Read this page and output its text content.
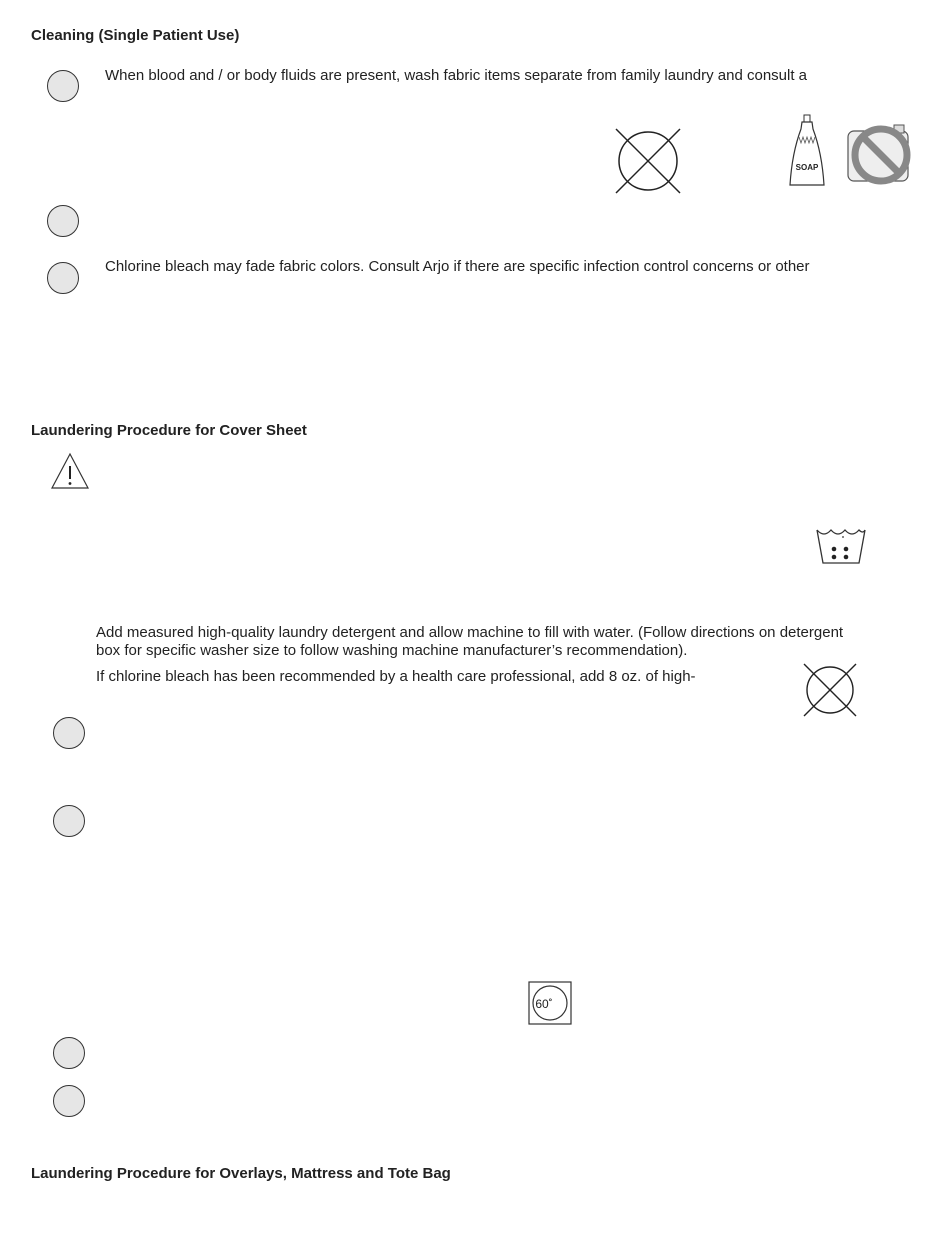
Cleaning (Single Patient Use)
When blood and / or body fluids are present, wash fabric items separate from family laundry and consult a
SOAP
Chlorine bleach may fade fabric colors. Consult Arjo if there are specific infection control concerns or other
Laundering Procedure for Cover Sheet
Add measured high-quality laundry detergent and allow machine to fill with water. (Follow directions on detergent
box for specific washer size to follow washing machine manufacturer’s recommendation).
If chlorine bleach has been recommended by a health care professional, add 8 oz. of high-
60˚
Laundering Procedure for Overlays, Mattress and Tote Bag
